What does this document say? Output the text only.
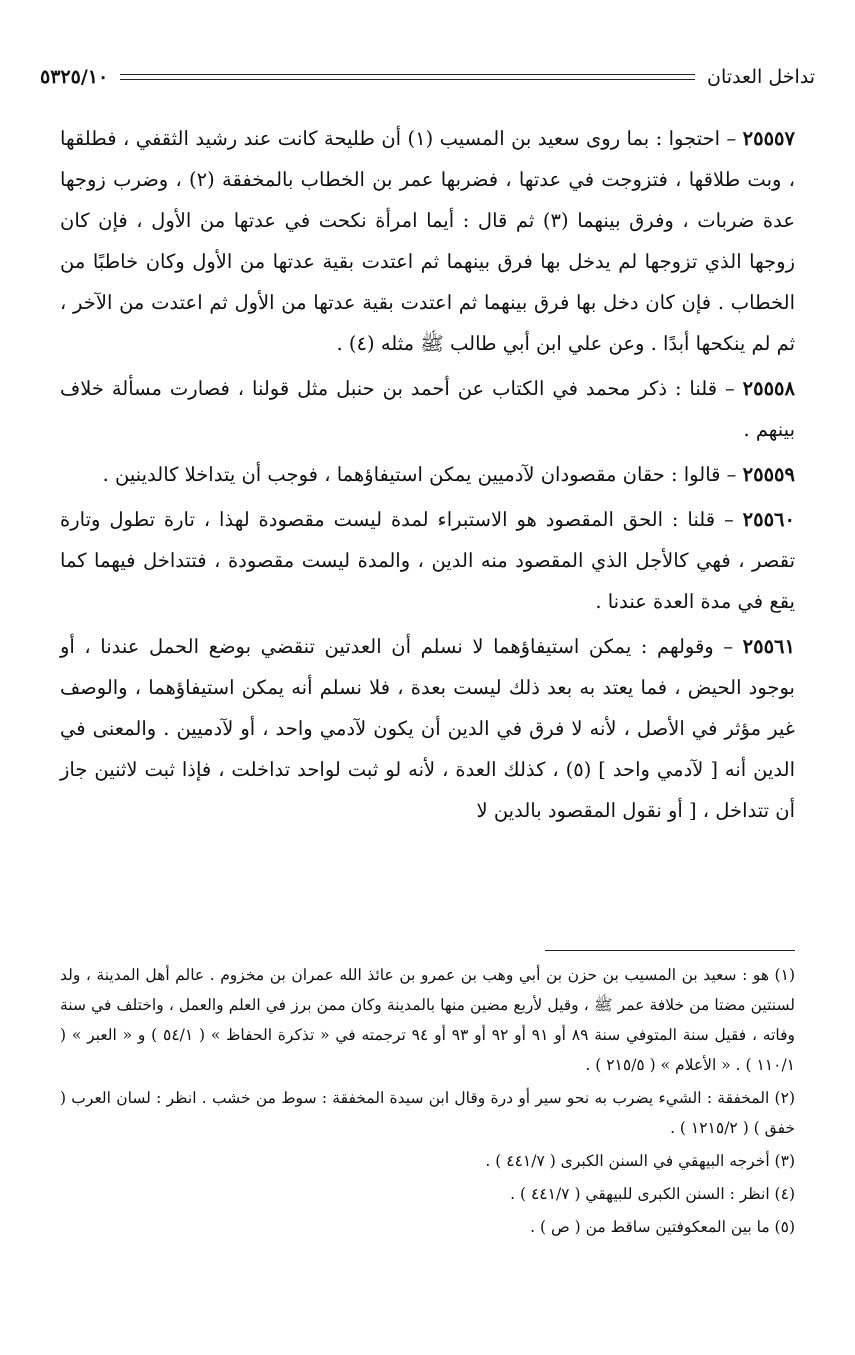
تداخل العدتان
٥٣٢٥/١٠

٢٥٥٥٧ – احتجوا : بما روى سعيد بن المسيب (١) أن طليحة كانت عند رشيد الثقفي ، فطلقها ، وبت طلاقها ، فتزوجت في عدتها ، فضربها عمر بن الخطاب بالمخفقة (٢) ، وضرب زوجها عدة ضربات ، وفرق بينهما (٣) ثم قال : أيما امرأة نكحت في عدتها من الأول ، فإن كان زوجها الذي تزوجها لم يدخل بها فرق بينهما ثم اعتدت بقية عدتها من الأول وكان خاطبًا من الخطاب . فإن كان دخل بها فرق بينهما ثم اعتدت بقية عدتها من الأول ثم اعتدت من الآخر ، ثم لم ينكحها أبدًا . وعن علي ابن أبي طالب ﷺ مثله (٤) .

٢٥٥٥٨ – قلنا : ذكر محمد في الكتاب عن أحمد بن حنبل مثل قولنا ، فصارت مسألة خلاف بينهم .

٢٥٥٥٩ – قالوا : حقان مقصودان لآدميين يمكن استيفاؤهما ، فوجب أن يتداخلا كالدينين .

٢٥٥٦٠ – قلنا : الحق المقصود هو الاستبراء لمدة ليست مقصودة لهذا ، تارة تطول وتارة تقصر ، فهي كالأجل الذي المقصود منه الدين ، والمدة ليست مقصودة ، فتتداخل فيهما كما يقع في مدة العدة عندنا .

٢٥٥٦١ – وقولهم : يمكن استيفاؤهما لا نسلم أن العدتين تنقضي بوضع الحمل عندنا ، أو بوجود الحيض ، فما يعتد به بعد ذلك ليست بعدة ، فلا نسلم أنه يمكن استيفاؤهما ، والوصف غير مؤثر في الأصل ، لأنه لا فرق في الدين أن يكون لآدمي واحد ، أو لآدميين . والمعنى في الدين أنه [ لآدمي واحد ] (٥) ، كذلك العدة ، لأنه لو ثبت لواحد تداخلت ، فإذا ثبت لاثنين جاز أن تتداخل ، [ أو نقول المقصود بالدين لا

(١) هو : سعيد بن المسيب بن حزن بن أبي وهب بن عمرو بن عائذ الله عمران بن مخزوم . عالم أهل المدينة ، ولد لسنتين مضتا من خلافة عمر ﷺ ، وقيل لأربع مضين منها بالمدينة وكان ممن برز في العلم والعمل ، واختلف في سنة وفاته ، فقيل سنة المتوفي سنة ٨٩ أو ٩١ أو ٩٢ أو ٩٣ أو ٩٤ ترجمته في « تذكرة الحفاظ » ( ٥٤/١ ) و « العبر » ( ١١٠/١ ) . « الأعلام » ( ٢١٥/٥ ) .

(٢) المخفقة : الشيء يضرب به نحو سير أو درة وقال ابن سيدة المخفقة : سوط من خشب . انظر : لسان العرب ( خفق ) ( ١٢١٥/٢ ) .

(٣) أخرجه البيهقي في السنن الكبرى ( ٤٤١/٧ ) .

(٤) انظر : السنن الكبرى للبيهقي ( ٤٤١/٧ ) .

(٥) ما بين المعكوفتين ساقط من ( ص ) .
